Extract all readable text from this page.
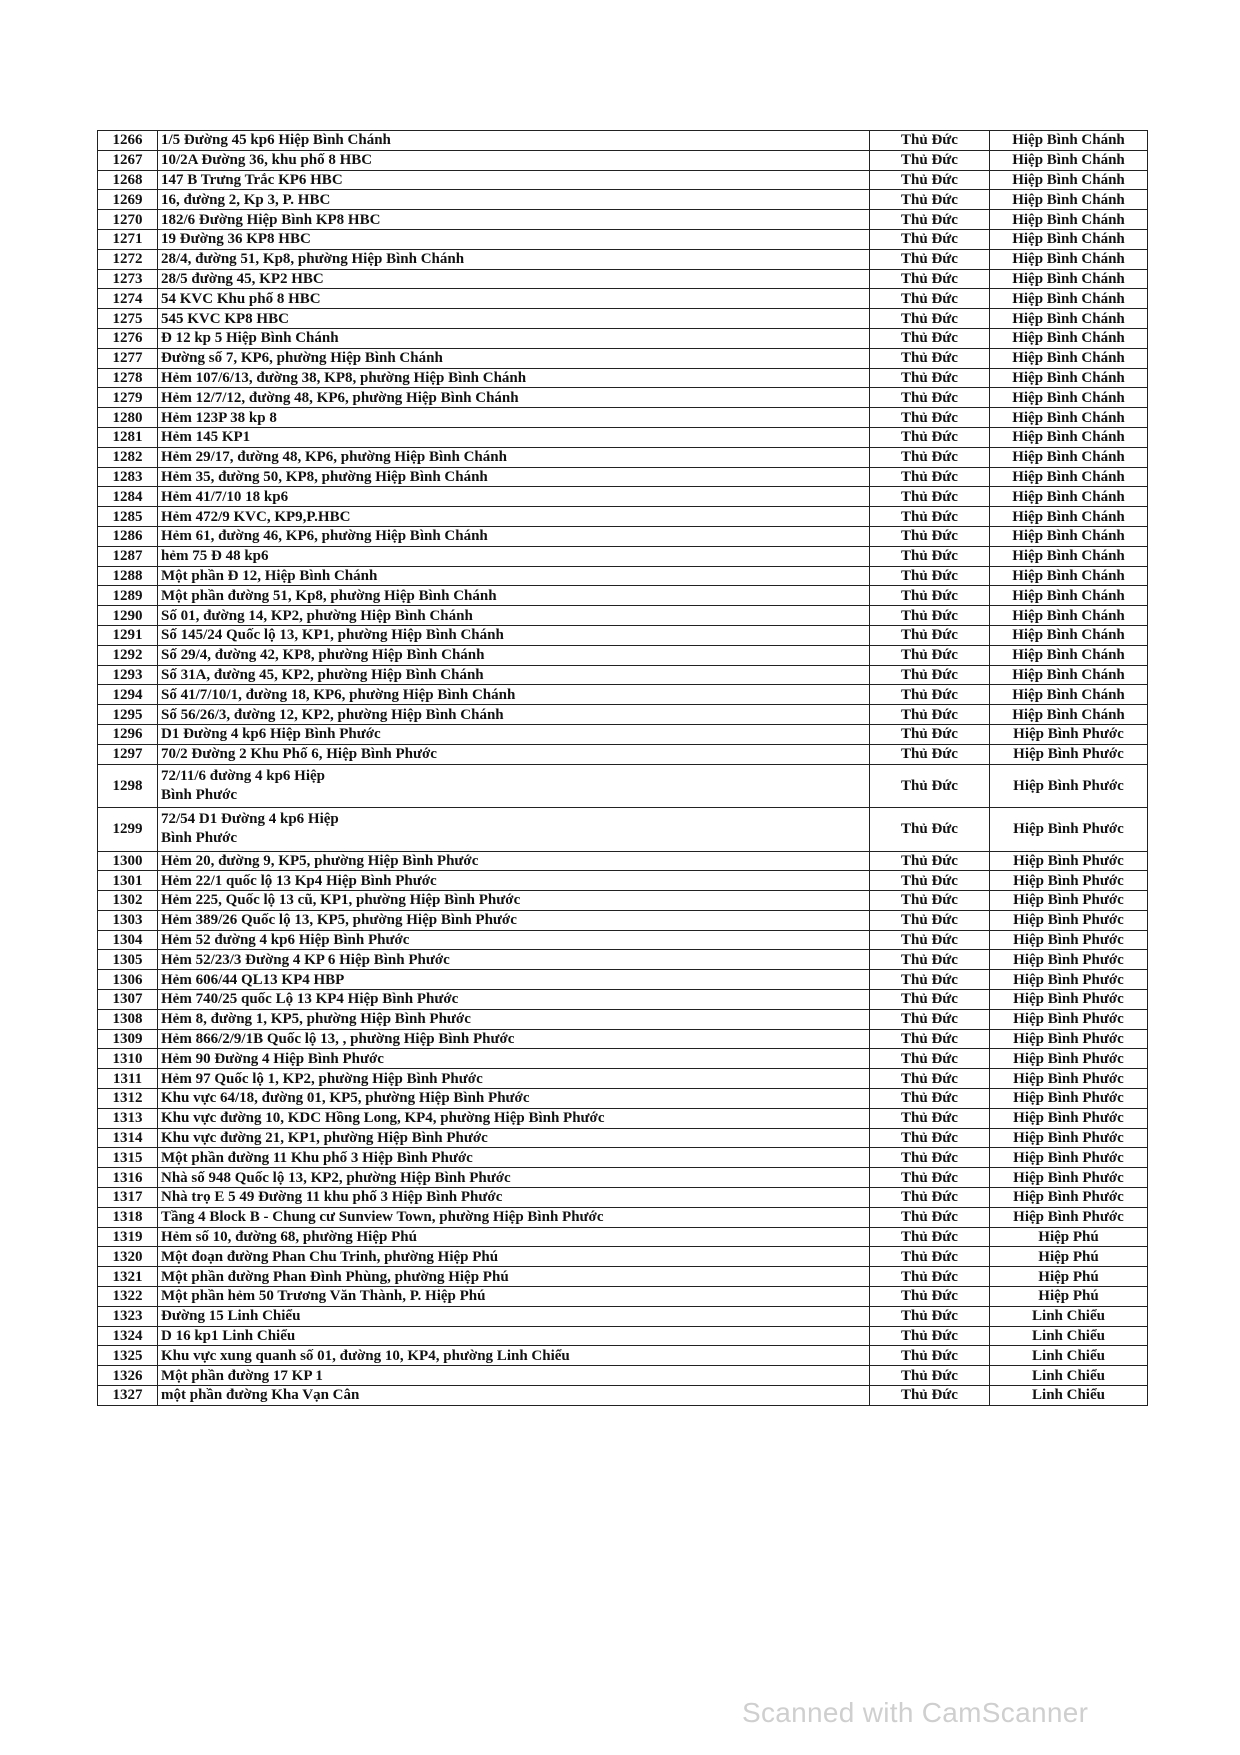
1266	1/5 Đường 45 kp6 Hiệp Bình Chánh	Thủ Đức	Hiệp Bình Chánh
1267	10/2A Đường 36, khu phố 8 HBC	Thủ Đức	Hiệp Bình Chánh
1268	147 B Trưng Trắc KP6 HBC	Thủ Đức	Hiệp Bình Chánh
1269	16, đường 2, Kp 3, P. HBC	Thủ Đức	Hiệp Bình Chánh
1270	182/6 Đường Hiệp Bình KP8 HBC	Thủ Đức	Hiệp Bình Chánh
1271	19 Đường 36 KP8 HBC	Thủ Đức	Hiệp Bình Chánh
1272	28/4, đường 51, Kp8, phường Hiệp Bình Chánh	Thủ Đức	Hiệp Bình Chánh
1273	28/5 đường 45, KP2 HBC	Thủ Đức	Hiệp Bình Chánh
1274	54 KVC Khu phố 8 HBC	Thủ Đức	Hiệp Bình Chánh
1275	545 KVC KP8 HBC	Thủ Đức	Hiệp Bình Chánh
1276	Đ 12 kp 5 Hiệp Bình Chánh	Thủ Đức	Hiệp Bình Chánh
1277	Đường số 7, KP6, phường Hiệp Bình Chánh	Thủ Đức	Hiệp Bình Chánh
1278	Hẻm 107/6/13, đường 38, KP8, phường Hiệp Bình Chánh	Thủ Đức	Hiệp Bình Chánh
1279	Hẻm 12/7/12, đường 48, KP6, phường Hiệp Bình Chánh	Thủ Đức	Hiệp Bình Chánh
1280	Hẻm 123P 38 kp 8	Thủ Đức	Hiệp Bình Chánh
1281	Hẻm 145 KP1	Thủ Đức	Hiệp Bình Chánh
1282	Hẻm 29/17, đường 48, KP6, phường Hiệp Bình Chánh	Thủ Đức	Hiệp Bình Chánh
1283	Hẻm 35, đường 50, KP8, phường Hiệp Bình Chánh	Thủ Đức	Hiệp Bình Chánh
1284	Hẻm 41/7/10 18 kp6	Thủ Đức	Hiệp Bình Chánh
1285	Hẻm 472/9 KVC, KP9,P.HBC	Thủ Đức	Hiệp Bình Chánh
1286	Hẻm 61, đường 46, KP6, phường Hiệp Bình Chánh	Thủ Đức	Hiệp Bình Chánh
1287	hẻm 75 Đ 48 kp6	Thủ Đức	Hiệp Bình Chánh
1288	Một phần Đ 12, Hiệp Bình Chánh	Thủ Đức	Hiệp Bình Chánh
1289	Một phần đường 51, Kp8, phường Hiệp Bình Chánh	Thủ Đức	Hiệp Bình Chánh
1290	Số 01, đường 14, KP2, phường Hiệp Bình Chánh	Thủ Đức	Hiệp Bình Chánh
1291	Số 145/24 Quốc lộ 13, KP1, phường Hiệp Bình Chánh	Thủ Đức	Hiệp Bình Chánh
1292	Số 29/4, đường 42, KP8, phường Hiệp Bình Chánh	Thủ Đức	Hiệp Bình Chánh
1293	Số 31A, đường 45, KP2, phường Hiệp Bình Chánh	Thủ Đức	Hiệp Bình Chánh
1294	Số 41/7/10/1, đường 18, KP6, phường Hiệp Bình Chánh	Thủ Đức	Hiệp Bình Chánh
1295	Số 56/26/3, đường 12, KP2, phường Hiệp Bình Chánh	Thủ Đức	Hiệp Bình Chánh
1296	D1 Đường 4 kp6 Hiệp Bình Phước	Thủ Đức	Hiệp Bình Phước
1297	70/2 Đường 2 Khu Phố 6, Hiệp Bình Phước	Thủ Đức	Hiệp Bình Phước
1298	72/11/6 đường 4 kp6 Hiệp
Bình Phước	Thủ Đức	Hiệp Bình Phước
1299	72/54 D1 Đường 4 kp6 Hiệp
Bình Phước	Thủ Đức	Hiệp Bình Phước
1300	Hẻm 20, đường 9, KP5, phường Hiệp Bình Phước	Thủ Đức	Hiệp Bình Phước
1301	Hẻm 22/1 quốc lộ 13 Kp4 Hiệp Bình Phước	Thủ Đức	Hiệp Bình Phước
1302	Hẻm 225, Quốc lộ 13 cũ, KP1, phường Hiệp Bình Phước	Thủ Đức	Hiệp Bình Phước
1303	Hẻm 389/26 Quốc lộ 13, KP5, phường Hiệp Bình Phước	Thủ Đức	Hiệp Bình Phước
1304	Hẻm 52 đường 4 kp6 Hiệp Bình Phước	Thủ Đức	Hiệp Bình Phước
1305	Hẻm 52/23/3 Đường 4 KP 6 Hiệp Bình Phước	Thủ Đức	Hiệp Bình Phước
1306	Hẻm 606/44 QL13 KP4 HBP	Thủ Đức	Hiệp Bình Phước
1307	Hẻm 740/25 quốc Lộ 13 KP4 Hiệp Bình Phước	Thủ Đức	Hiệp Bình Phước
1308	Hẻm 8, đường 1, KP5, phường Hiệp Bình Phước	Thủ Đức	Hiệp Bình Phước
1309	Hẻm 866/2/9/1B Quốc lộ 13, , phường Hiệp Bình Phước	Thủ Đức	Hiệp Bình Phước
1310	Hẻm 90 Đường 4 Hiệp Bình Phước	Thủ Đức	Hiệp Bình Phước
1311	Hẻm 97 Quốc lộ 1, KP2, phường Hiệp Bình Phước	Thủ Đức	Hiệp Bình Phước
1312	Khu vực 64/18, đường 01, KP5, phường Hiệp Bình Phước	Thủ Đức	Hiệp Bình Phước
1313	Khu vực đường 10, KDC Hồng Long, KP4, phường Hiệp Bình Phước	Thủ Đức	Hiệp Bình Phước
1314	Khu vực đường 21, KP1, phường Hiệp Bình Phước	Thủ Đức	Hiệp Bình Phước
1315	Một phần đường 11 Khu phố 3 Hiệp Bình Phước	Thủ Đức	Hiệp Bình Phước
1316	Nhà số 948 Quốc lộ 13, KP2, phường Hiệp Bình Phước	Thủ Đức	Hiệp Bình Phước
1317	Nhà trọ E 5 49 Đường 11 khu phố 3 Hiệp Bình Phước	Thủ Đức	Hiệp Bình Phước
1318	Tầng 4 Block B - Chung cư Sunview Town, phường Hiệp Bình Phước	Thủ Đức	Hiệp Bình Phước
1319	Hẻm số 10, đường 68, phường Hiệp Phú	Thủ Đức	Hiệp Phú
1320	Một đoạn đường Phan Chu Trinh, phường Hiệp Phú	Thủ Đức	Hiệp Phú
1321	Một phần đường Phan Đình Phùng, phường Hiệp Phú	Thủ Đức	Hiệp Phú
1322	Một phần hẻm 50 Trương Văn Thành, P. Hiệp Phú	Thủ Đức	Hiệp Phú
1323	Đường 15 Linh Chiểu	Thủ Đức	Linh Chiểu
1324	D 16 kp1 Linh Chiểu	Thủ Đức	Linh Chiểu
1325	Khu vực xung quanh số 01, đường 10, KP4, phường Linh Chiểu	Thủ Đức	Linh Chiểu
1326	Một phần đường 17 KP 1	Thủ Đức	Linh Chiểu
1327	một phần đường Kha Vạn Cân	Thủ Đức	Linh Chiểu
Scanned with CamScanner
